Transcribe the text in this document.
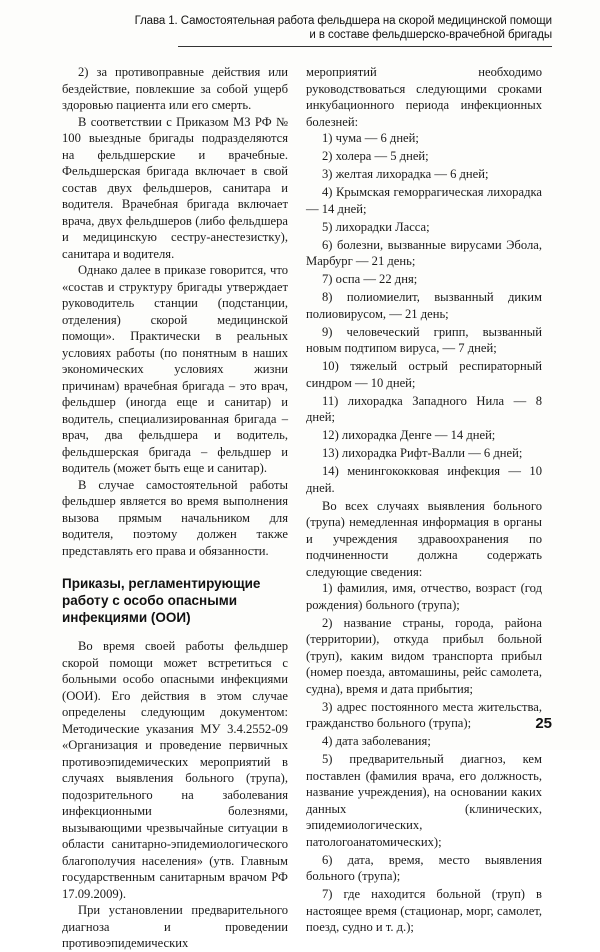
Глава 1. Самостоятельная работа фельдшера на скорой медицинской помощи
и в составе фельдшерско-врачебной бригады

2) за противоправные действия или бездействие, повлекшие за собой ущерб здоровью пациента или его смерть.

В соответствии с Приказом МЗ РФ № 100 выездные бригады подразделяются на фельдшерские и врачебные. Фельдшерская бригада включает в свой состав двух фельдшеров, санитара и водителя. Врачебная бригада включает врача, двух фельдшеров (либо фельдшера и медицинскую сестру-анестезистку), санитара и водителя.

Однако далее в приказе говорится, что «состав и структуру бригады утверждает руководитель станции (подстанции, отделения) скорой медицинской помощи». Практически в реальных условиях работы (по понятным в наших экономических условиях жизни причинам) врачебная бригада – это врач, фельдшер (иногда еще и санитар) и водитель, специализированная бригада – врач, два фельдшера и водитель, фельдшерская бригада – фельдшер и водитель (может быть еще и санитар).

В случае самостоятельной работы фельдшер является во время выполнения вызова прямым начальником для водителя, поэтому должен также представлять его права и обязанности.

Приказы, регламентирующие работу с особо опасными инфекциями (ООИ)

Во время своей работы фельдшер скорой помощи может встретиться с больными особо опасными инфекциями (ООИ). Его действия в этом случае определены следующим документом: Методические указания МУ 3.4.2552-09 «Организация и проведение первичных противоэпидемических мероприятий в случаях выявления больного (трупа), подозрительного на заболевания инфекционными болезнями, вызывающими чрезвычайные ситуации в области санитарно-эпидемиологического благополучия населения» (утв. Главным государственным санитарным врачом РФ 17.09.2009).

При установлении предварительного диагноза и проведении противоэпидемических

мероприятий необходимо руководствоваться следующими сроками инкубационного периода инфекционных болезней:

1) чума — 6 дней;

2) холера — 5 дней;

3) желтая лихорадка — 6 дней;

4) Крымская геморрагическая лихорадка — 14 дней;

5) лихорадки Ласса;

6) болезни, вызванные вирусами Эбола, Марбург — 21 день;

7) оспа — 22 дня;

8) полиомиелит, вызванный диким полиовирусом, — 21 день;

9) человеческий грипп, вызванный новым подтипом вируса, — 7 дней;

10) тяжелый острый респираторный синдром — 10 дней;

11) лихорадка Западного Нила — 8 дней;

12) лихорадка Денге — 14 дней;

13) лихорадка Рифт-Валли — 6 дней;

14) менингококковая инфекция — 10 дней.

Во всех случаях выявления больного (трупа) немедленная информация в органы и учреждения здравоохранения по подчиненности должна содержать следующие сведения:

1) фамилия, имя, отчество, возраст (год рождения) больного (трупа);

2) название страны, города, района (территории), откуда прибыл больной (труп), каким видом транспорта прибыл (номер поезда, автомашины, рейс самолета, судна), время и дата прибытия;

3) адрес постоянного места жительства, гражданство больного (трупа);

4) дата заболевания;

5) предварительный диагноз, кем поставлен (фамилия врача, его должность, название учреждения), на основании каких данных (клинических, эпидемиологических, патологоанатомических);

6) дата, время, место выявления больного (трупа);

7) где находится больной (труп) в настоящее время (стационар, морг, самолет, поезд, судно и т. д.);

25
